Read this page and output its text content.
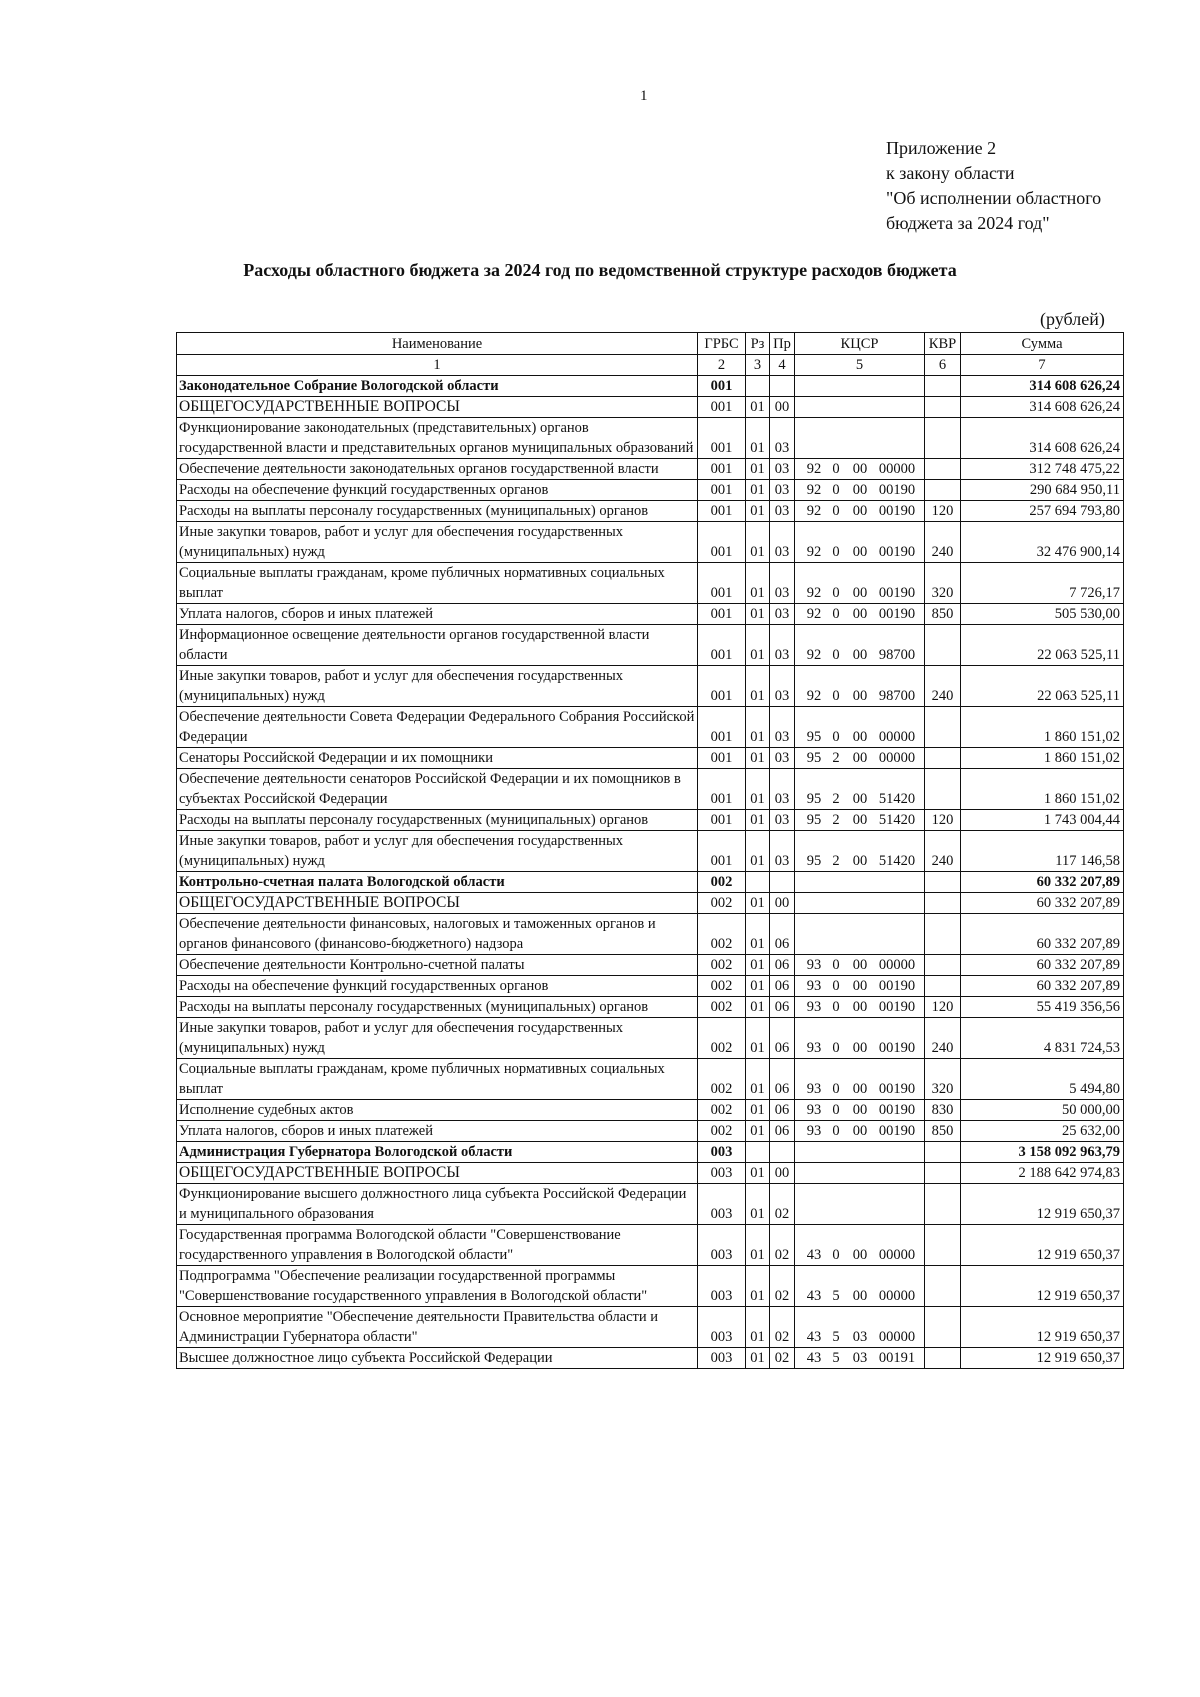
1
Приложение 2
к закону области
"Об исполнении областного
бюджета за 2024 год"
Расходы областного бюджета за 2024 год по ведомственной структуре расходов бюджета
(рублей)
Наименование	ГРБС	Рз	Пр	КЦСР	КВР	Сумма
1	2	3	4	5	6	7
Законодательное Собрание Вологодской области	001					314 608 626,24
ОБЩЕГОСУДАРСТВЕННЫЕ ВОПРОСЫ	001	01	00			314 608 626,24
Функционирование законодательных (представительных) органов государственной власти и представительных органов муниципальных образований	001	01	03			314 608 626,24
Обеспечение деятельности законодательных органов государственной власти	001	01	03	92 0 00 00000		312 748 475,22
Расходы на обеспечение функций государственных органов	001	01	03	92 0 00 00190		290 684 950,11
Расходы на выплаты персоналу государственных (муниципальных) органов	001	01	03	92 0 00 00190	120	257 694 793,80
Иные закупки товаров, работ и услуг для обеспечения государственных (муниципальных) нужд	001	01	03	92 0 00 00190	240	32 476 900,14
Социальные выплаты гражданам, кроме публичных нормативных социальных выплат	001	01	03	92 0 00 00190	320	7 726,17
Уплата налогов, сборов и иных платежей	001	01	03	92 0 00 00190	850	505 530,00
Информационное освещение деятельности органов государственной власти области	001	01	03	92 0 00 98700		22 063 525,11
Иные закупки товаров, работ и услуг для обеспечения государственных (муниципальных) нужд	001	01	03	92 0 00 98700	240	22 063 525,11
Обеспечение деятельности Совета Федерации Федерального Собрания Российской Федерации	001	01	03	95 0 00 00000		1 860 151,02
Сенаторы Российской Федерации и их помощники	001	01	03	95 2 00 00000		1 860 151,02
Обеспечение деятельности сенаторов Российской Федерации и их помощников в субъектах Российской Федерации	001	01	03	95 2 00 51420		1 860 151,02
Расходы на выплаты персоналу государственных (муниципальных) органов	001	01	03	95 2 00 51420	120	1 743 004,44
Иные закупки товаров, работ и услуг для обеспечения государственных (муниципальных) нужд	001	01	03	95 2 00 51420	240	117 146,58
Контрольно-счетная палата Вологодской области	002					60 332 207,89
ОБЩЕГОСУДАРСТВЕННЫЕ ВОПРОСЫ	002	01	00			60 332 207,89
Обеспечение деятельности финансовых, налоговых и таможенных органов и органов финансового (финансово-бюджетного) надзора	002	01	06			60 332 207,89
Обеспечение деятельности Контрольно-счетной палаты	002	01	06	93 0 00 00000		60 332 207,89
Расходы на обеспечение функций государственных органов	002	01	06	93 0 00 00190		60 332 207,89
Расходы на выплаты персоналу государственных (муниципальных) органов	002	01	06	93 0 00 00190	120	55 419 356,56
Иные закупки товаров, работ и услуг для обеспечения государственных (муниципальных) нужд	002	01	06	93 0 00 00190	240	4 831 724,53
Социальные выплаты гражданам, кроме публичных нормативных социальных выплат	002	01	06	93 0 00 00190	320	5 494,80
Исполнение судебных актов	002	01	06	93 0 00 00190	830	50 000,00
Уплата налогов, сборов и иных платежей	002	01	06	93 0 00 00190	850	25 632,00
Администрация Губернатора Вологодской области	003					3 158 092 963,79
ОБЩЕГОСУДАРСТВЕННЫЕ ВОПРОСЫ	003	01	00			2 188 642 974,83
Функционирование высшего должностного лица субъекта Российской Федерации и муниципального образования	003	01	02			12 919 650,37
Государственная программа Вологодской области "Совершенствование государственного управления в Вологодской области"	003	01	02	43 0 00 00000		12 919 650,37
Подпрограмма "Обеспечение реализации государственной программы "Совершенствование государственного управления в Вологодской области"	003	01	02	43 5 00 00000		12 919 650,37
Основное мероприятие "Обеспечение деятельности Правительства области и Администрации Губернатора области"	003	01	02	43 5 03 00000		12 919 650,37
Высшее должностное лицо субъекта Российской Федерации	003	01	02	43 5 03 00191		12 919 650,37
